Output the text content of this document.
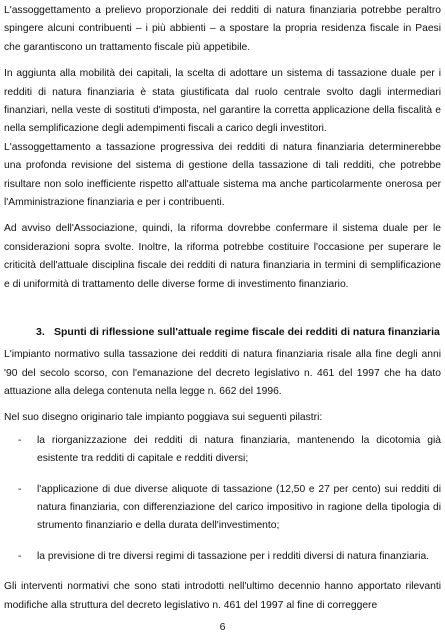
L'assoggettamento a prelievo proporzionale dei redditi di natura finanziaria potrebbe peraltro spingere alcuni contribuenti – i più abbienti – a spostare la propria residenza fiscale in Paesi che garantiscono un trattamento fiscale più appetibile.

In aggiunta alla mobilità dei capitali, la scelta di adottare un sistema di tassazione duale per i redditi di natura finanziaria è stata giustificata dal ruolo centrale svolto dagli intermediari finanziari, nella veste di sostituti d'imposta, nel garantire la corretta applicazione della fiscalità e nella semplificazione degli adempimenti fiscali a carico degli investitori.

L'assoggettamento a tassazione progressiva dei redditi di natura finanziaria determinerebbe una profonda revisione del sistema di gestione della tassazione di tali redditi, che potrebbe risultare non solo inefficiente rispetto all'attuale sistema ma anche particolarmente onerosa per l'Amministrazione finanziaria e per i contribuenti.

Ad avviso dell'Associazione, quindi, la riforma dovrebbe confermare il sistema duale per le considerazioni sopra svolte. Inoltre, la riforma potrebbe costituire l'occasione per superare le criticità dell'attuale disciplina fiscale dei redditi di natura finanziaria in termini di semplificazione e di uniformità di trattamento delle diverse forme di investimento finanziario.

3. Spunti di riflessione sull'attuale regime fiscale dei redditi di natura finanziaria

L'impianto normativo sulla tassazione dei redditi di natura finanziaria risale alla fine degli anni '90 del secolo scorso, con l'emanazione del decreto legislativo n. 461 del 1997 che ha dato attuazione alla delega contenuta nella legge n. 662 del 1996.

Nel suo disegno originario tale impianto poggiava sui seguenti pilastri:

- la riorganizzazione dei redditi di natura finanziaria, mantenendo la dicotomia già esistente tra redditi di capitale e redditi diversi;
- l'applicazione di due diverse aliquote di tassazione (12,50 e 27 per cento) sui redditi di natura finanziaria, con differenziazione del carico impositivo in ragione della tipologia di strumento finanziario e della durata dell'investimento;
- la previsione di tre diversi regimi di tassazione per i redditi diversi di natura finanziaria.

Gli interventi normativi che sono stati introdotti nell'ultimo decennio hanno apportato rilevanti modifiche alla struttura del decreto legislativo n. 461 del 1997 al fine di correggere

6
